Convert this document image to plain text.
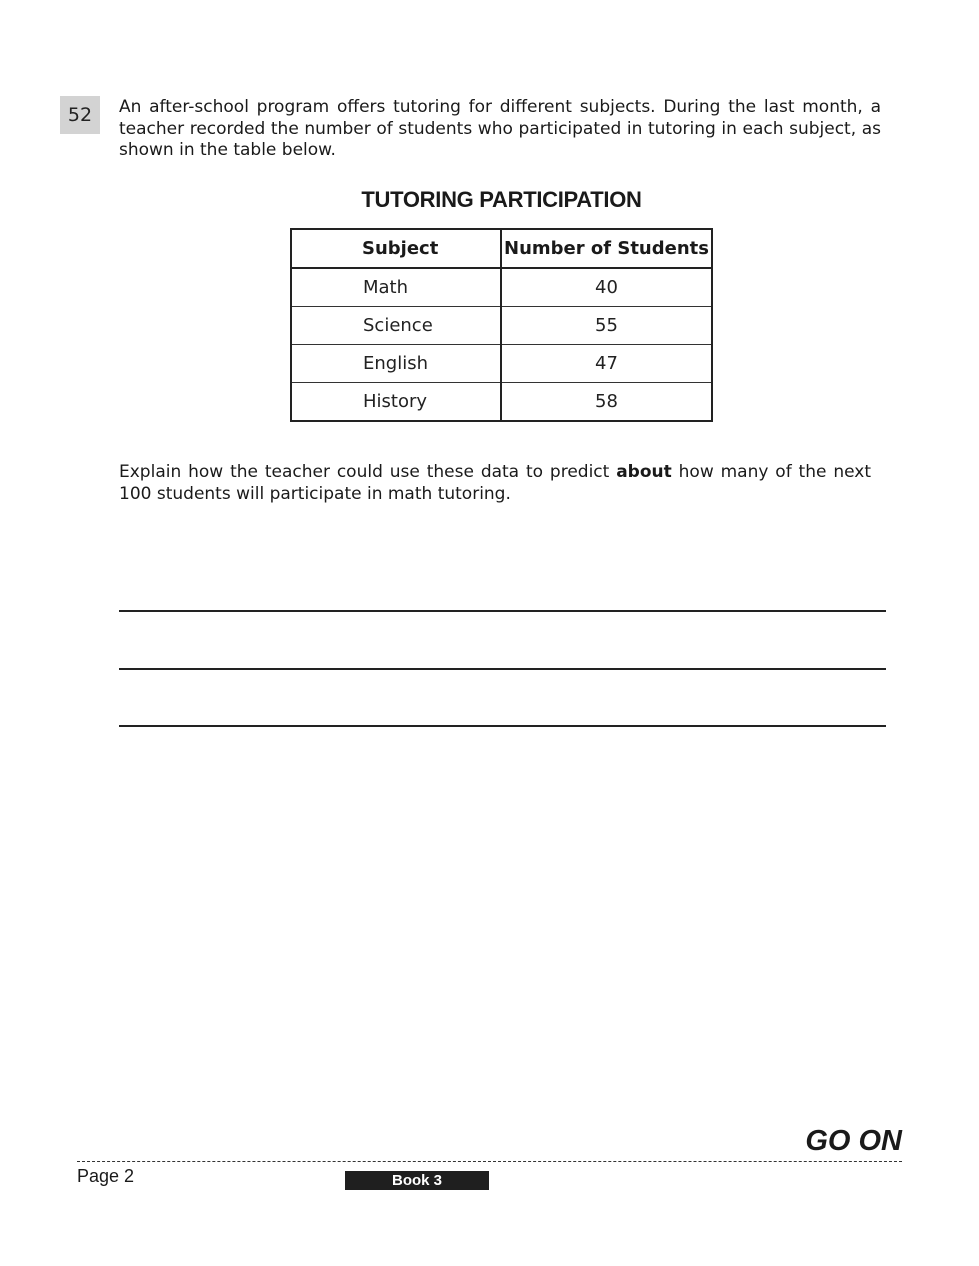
52	An after-school program offers tutoring for different subjects. During the last month, a teacher recorded the number of students who participated in tutoring in each subject, as shown in the table below.

TUTORING PARTICIPATION
Subject	Number of Students
Math	40
Science	55
English	47
History	58

Explain how the teacher could use these data to predict about how many of the next 100 students will participate in math tutoring.

GO ON
Page 2	Book 3
